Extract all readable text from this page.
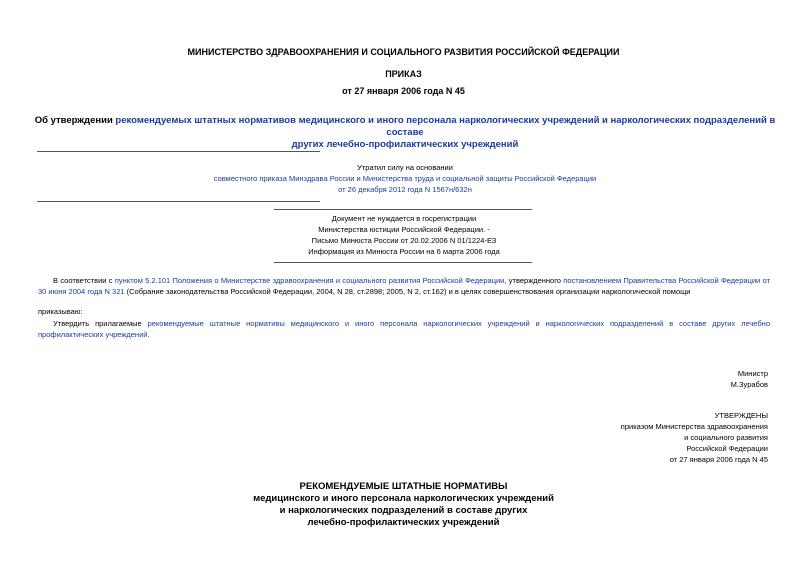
МИНИСТЕРСТВО ЗДРАВООХРАНЕНИЯ И СОЦИАЛЬНОГО РАЗВИТИЯ РОССИЙСКОЙ ФЕДЕРАЦИИ
ПРИКАЗ
от 27 января 2006 года N 45
Об утверждении рекомендуемых штатных нормативов медицинского и иного персонала наркологических учреждений и наркологических подразделений в составе
других лечебно-профилактических учреждений
Утратил силу на основании
совместного приказа Минздрава России и Министерства труда и социальной защиты Российской Федерации
от 26 декабря 2012 года N 1567н/632н
Документ не нуждается в госрегистрации
Министерства юстиции Российской Федерации. -
Письмо Минюста России от 20.02.2006 N 01/1224-ЕЗ
Информация из Минюста России на 6 марта 2006 года
В соответствии с пунктом 5.2.101 Положения о Министерстве здравоохранения и социального развития Российской Федерации, утвержденного постановлением Правительства Российской Федерации от 30 июня 2004 года N 321 (Собрание законодательства Российской Федерации, 2004, N 28, ст.2898; 2005, N 2, ст.162) и в целях совершенствования организации наркологической помощи
приказываю:
Утвердить прилагаемые рекомендуемые штатные нормативы медицинского и иного персонала наркологических учреждений и наркологических подразделений в составе других лечебно профилактических учреждений.
Министр
М.Зурабов
УТВЕРЖДЕНЫ
приказом Министерства здравоохранения
и социального развития
Российской Федерации
от 27 января 2006 года N 45
РЕКОМЕНДУЕМЫЕ ШТАТНЫЕ НОРМАТИВЫ
медицинского и иного персонала наркологических учреждений
и наркологических подразделений в составе других
лечебно-профилактических учреждений
